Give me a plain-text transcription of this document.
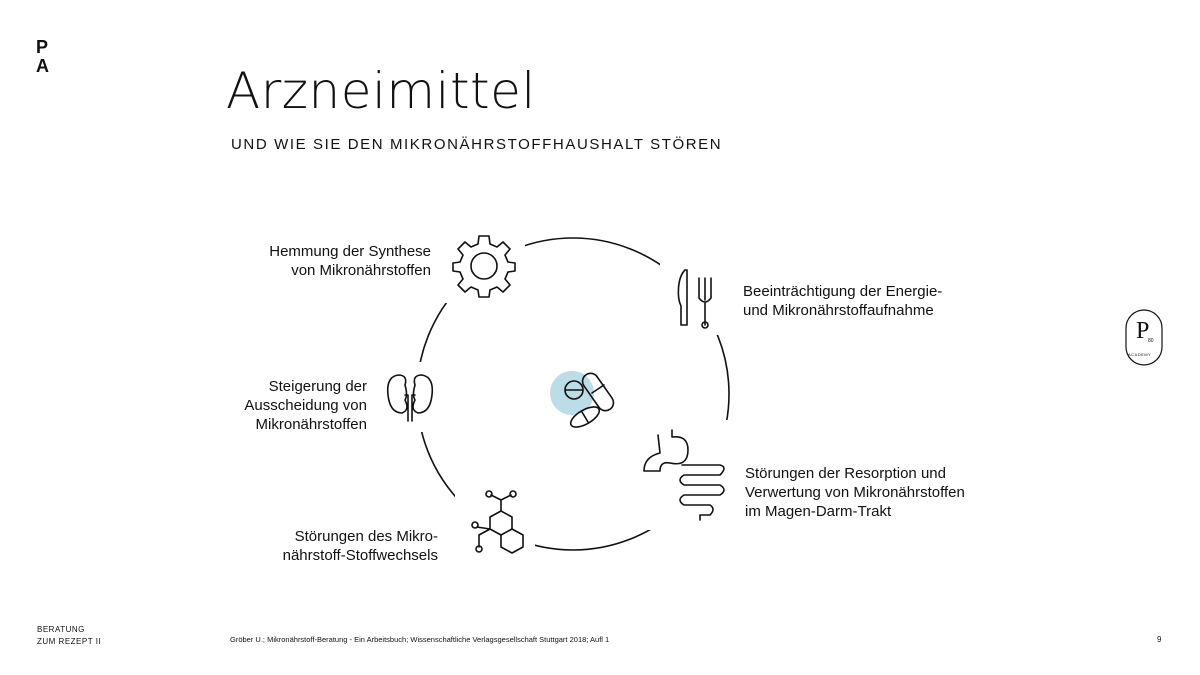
P
A	Arzneimittel
UND WIE SIE DEN MIKRONÄHRSTOFFHAUSHALT STÖREN
Hemmung der Synthese
von Mikronährstoffen
Beeinträchtigung der Energie-
und Mikronährstoffaufnahme
Störungen der Resorption und
Verwertung von Mikronährstoffen
im Magen-Darm-Trakt
Störungen des Mikro-
nährstoff-Stoffwechsels
Steigerung der
Ausscheidung von
Mikronährstoffen
P
80
ACADEMY
BERATUNG
ZUM REZEPT II	Gröber U.; Mikronährstoff-Beratung - Ein Arbeitsbuch; Wissenschaftliche Verlagsgesellschaft Stuttgart 2018; Aufl 1	9
